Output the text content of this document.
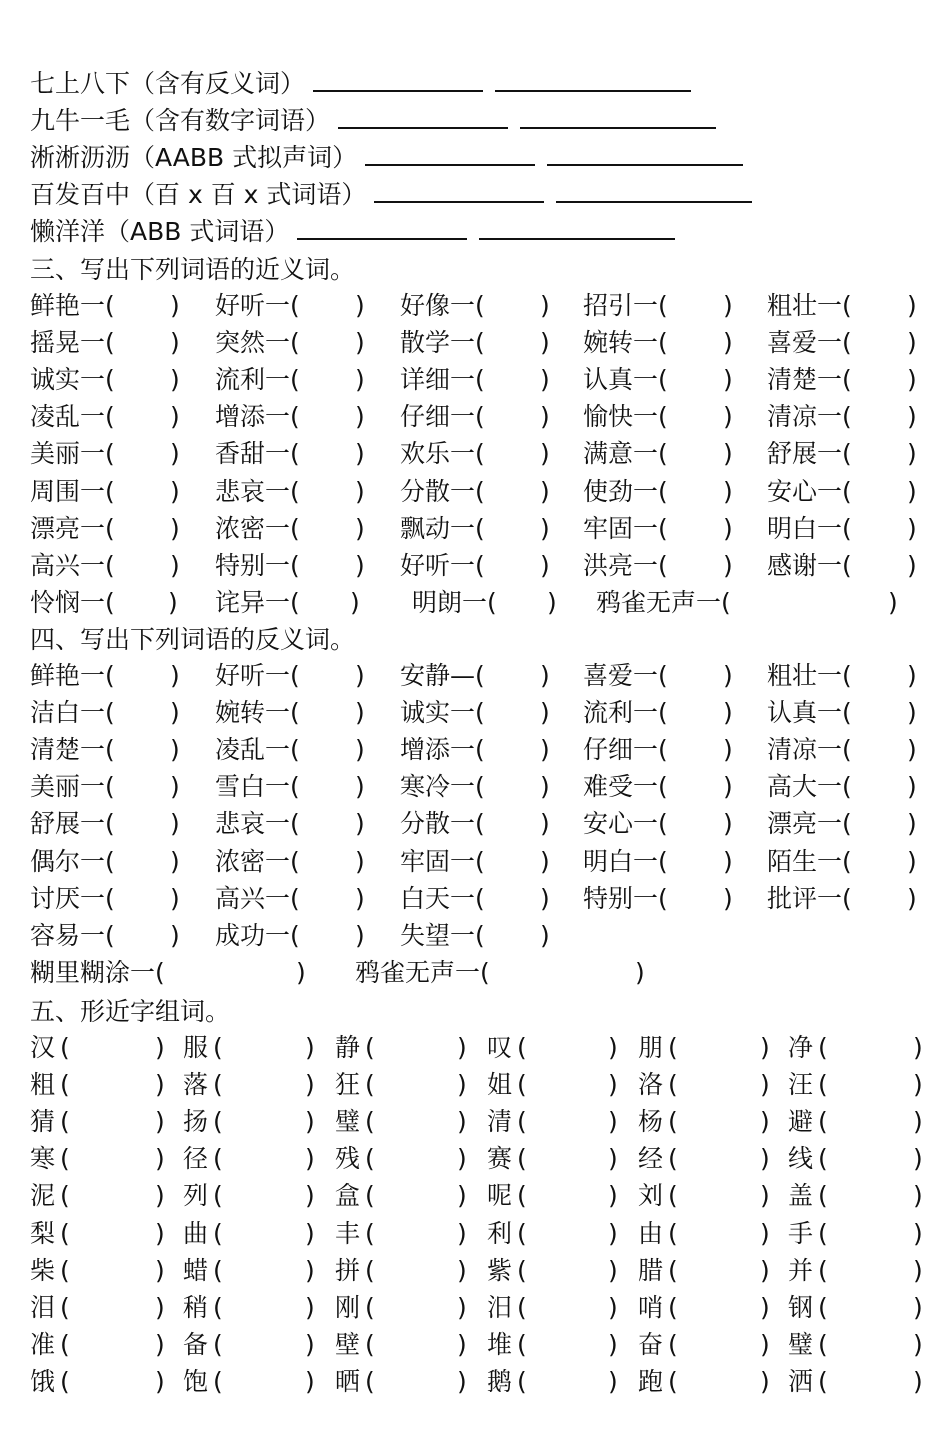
七上八下（含有反义词）
九牛一毛（含有数字词语）
淅淅沥沥（AABB 式拟声词）
百发百中（百 x 百 x 式词语）
懒洋洋（ABB 式词语）
三、写出下列词语的近义词。
鲜艳一( ) 好听一( ) 好像一( ) 招引一( ) 粗壮一( )
摇晃一( ) 突然一( ) 散学一( ) 婉转一( ) 喜爱一( )
诚实一( ) 流利一( ) 详细一( ) 认真一( ) 清楚一( )
凌乱一( ) 增添一( ) 仔细一( ) 愉快一( ) 清凉一( )
美丽一( ) 香甜一( ) 欢乐一( ) 满意一( ) 舒展一( )
周围一( ) 悲哀一( ) 分散一( ) 使劲一( ) 安心一( )
漂亮一( ) 浓密一( ) 飘动一( ) 牢固一( ) 明白一( )
高兴一( ) 特别一( ) 好听一( ) 洪亮一( ) 感谢一( )
怜悯一( ) 诧异一( ) 明朗一( ) 鸦雀无声一(	)
四、写出下列词语的反义词。
鲜艳一( ) 好听一( ) 安静—( ) 喜爱一( ) 粗壮一( )
洁白一( ) 婉转一( ) 诚实一( ) 流利一( ) 认真一( )
清楚一( ) 凌乱一( ) 增添一( ) 仔细一( ) 清凉一( )
美丽一( ) 雪白一( ) 寒冷一( ) 难受一( ) 高大一( )
舒展一( ) 悲哀一( ) 分散一( ) 安心一( ) 漂亮一( )
偶尔一( ) 浓密一( ) 牢固一( ) 明白一( ) 陌生一( )
讨厌一( ) 高兴一( ) 白天一( ) 特别一( ) 批评一( )
容易一( ) 成功一( ) 失望一( )
糊里糊涂一(	) 鸦雀无声一(	)
五、形近字组词。
汉 (	) 服 (	) 静 (	) 叹 (	) 朋 (	) 净 (	)
粗 (	) 落 (	) 狂 (	) 姐 (	) 洛 (	) 汪 (	)
猜 (	) 扬 (	) 璧 (	) 清 (	) 杨 (	) 避 (	)
寒 (	) 径 (	) 残 (	) 赛 (	) 经 (	) 线 (	)
泥 (	) 列 (	) 盒 (	) 呢 (	) 刘 (	) 盖 (	)
梨 (	) 曲 (	) 丰 (	) 利 (	) 由 (	) 手 (	)
柴 (	) 蜡 (	) 拼 (	) 紫 (	) 腊 (	) 并 (	)
泪 (	) 稍 (	) 刚 (	) 汨 (	) 哨 (	) 钢 (	)
准 (	) 备 (	) 壁 (	) 堆 (	) 奋 (	) 璧 (	)
饿 (	) 饱 (	) 晒 (	) 鹅 (	) 跑 (	) 洒 (	)
